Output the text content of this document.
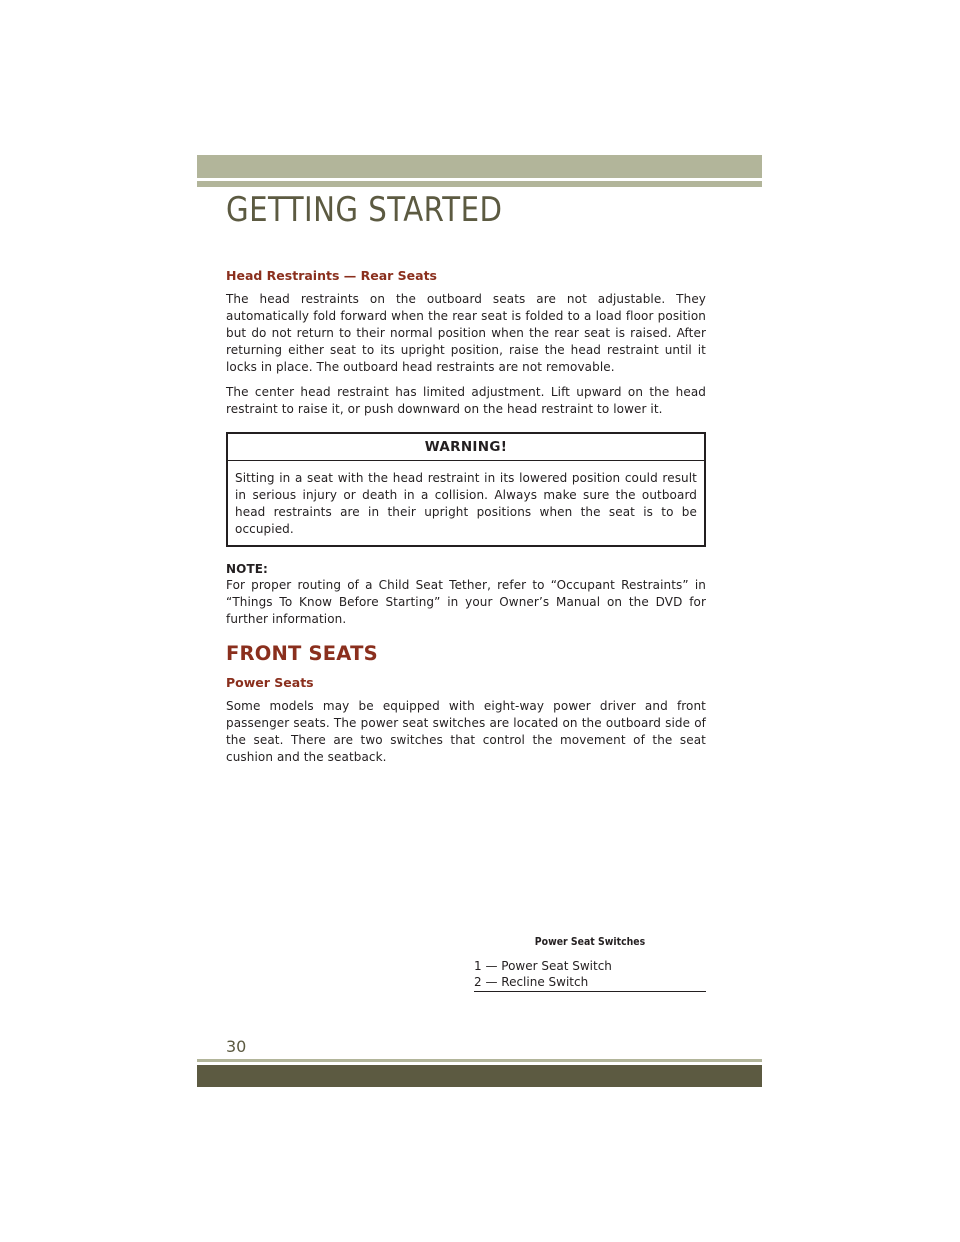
GETTING STARTED
Head Restraints — Rear Seats

The head restraints on the outboard seats are not adjustable. They automatically fold forward when the rear seat is folded to a load floor position but do not return to their normal position when the rear seat is raised. After returning either seat to its upright position, raise the head restraint until it locks in place. The outboard head restraints are not removable.

The center head restraint has limited adjustment. Lift upward on the head restraint to raise it, or push downward on the head restraint to lower it.

WARNING!

Sitting in a seat with the head restraint in its lowered position could result in serious injury or death in a collision. Always make sure the outboard head restraints are in their upright positions when the seat is to be occupied.

NOTE:

For proper routing of a Child Seat Tether, refer to “Occupant Restraints” in “Things To Know Before Starting” in your Owner’s Manual on the DVD for further information.

FRONT SEATS
Power Seats

Some models may be equipped with eight-way power driver and front passenger seats. The power seat switches are located on the outboard side of the seat. There are two switches that control the movement of the seat cushion and the seatback.

Power Seat Switches
1 — Power Seat Switch
2 — Recline Switch
30
